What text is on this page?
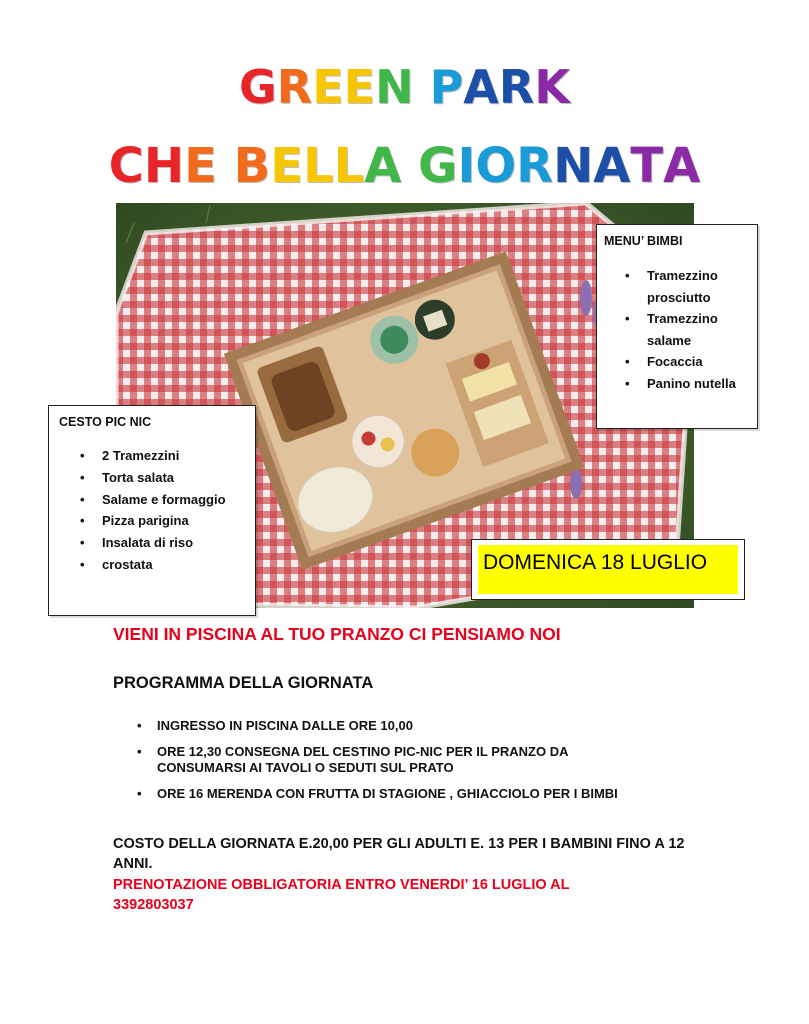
GREEN PARK
CHE BELLA GIORNATA
MENU’ BIMBI
• Tramezzino prosciutto
• Tramezzino salame
• Focaccia
• Panino nutella
CESTO PIC NIC
• 2 Tramezzini
• Torta salata
• Salame e formaggio
• Pizza parigina
• Insalata di riso
• crostata	DOMENICA 18 LUGLIO
VIENI IN PISCINA AL TUO PRANZO CI PENSIAMO NOI
PROGRAMMA DELLA GIORNATA
• INGRESSO IN PISCINA DALLE ORE 10,00
• ORE 12,30 CONSEGNA DEL CESTINO PIC-NIC PER IL PRANZO DA CONSUMARSI AI TAVOLI O SEDUTI SUL PRATO
• ORE 16 MERENDA CON FRUTTA DI STAGIONE , GHIACCIOLO PER I BIMBI
COSTO DELLA GIORNATA E.20,00 PER GLI ADULTI E. 13 PER I BAMBINI FINO A 12 ANNI.
PRENOTAZIONE OBBLIGATORIA ENTRO VENERDI’ 16 LUGLIO AL 3392803037
